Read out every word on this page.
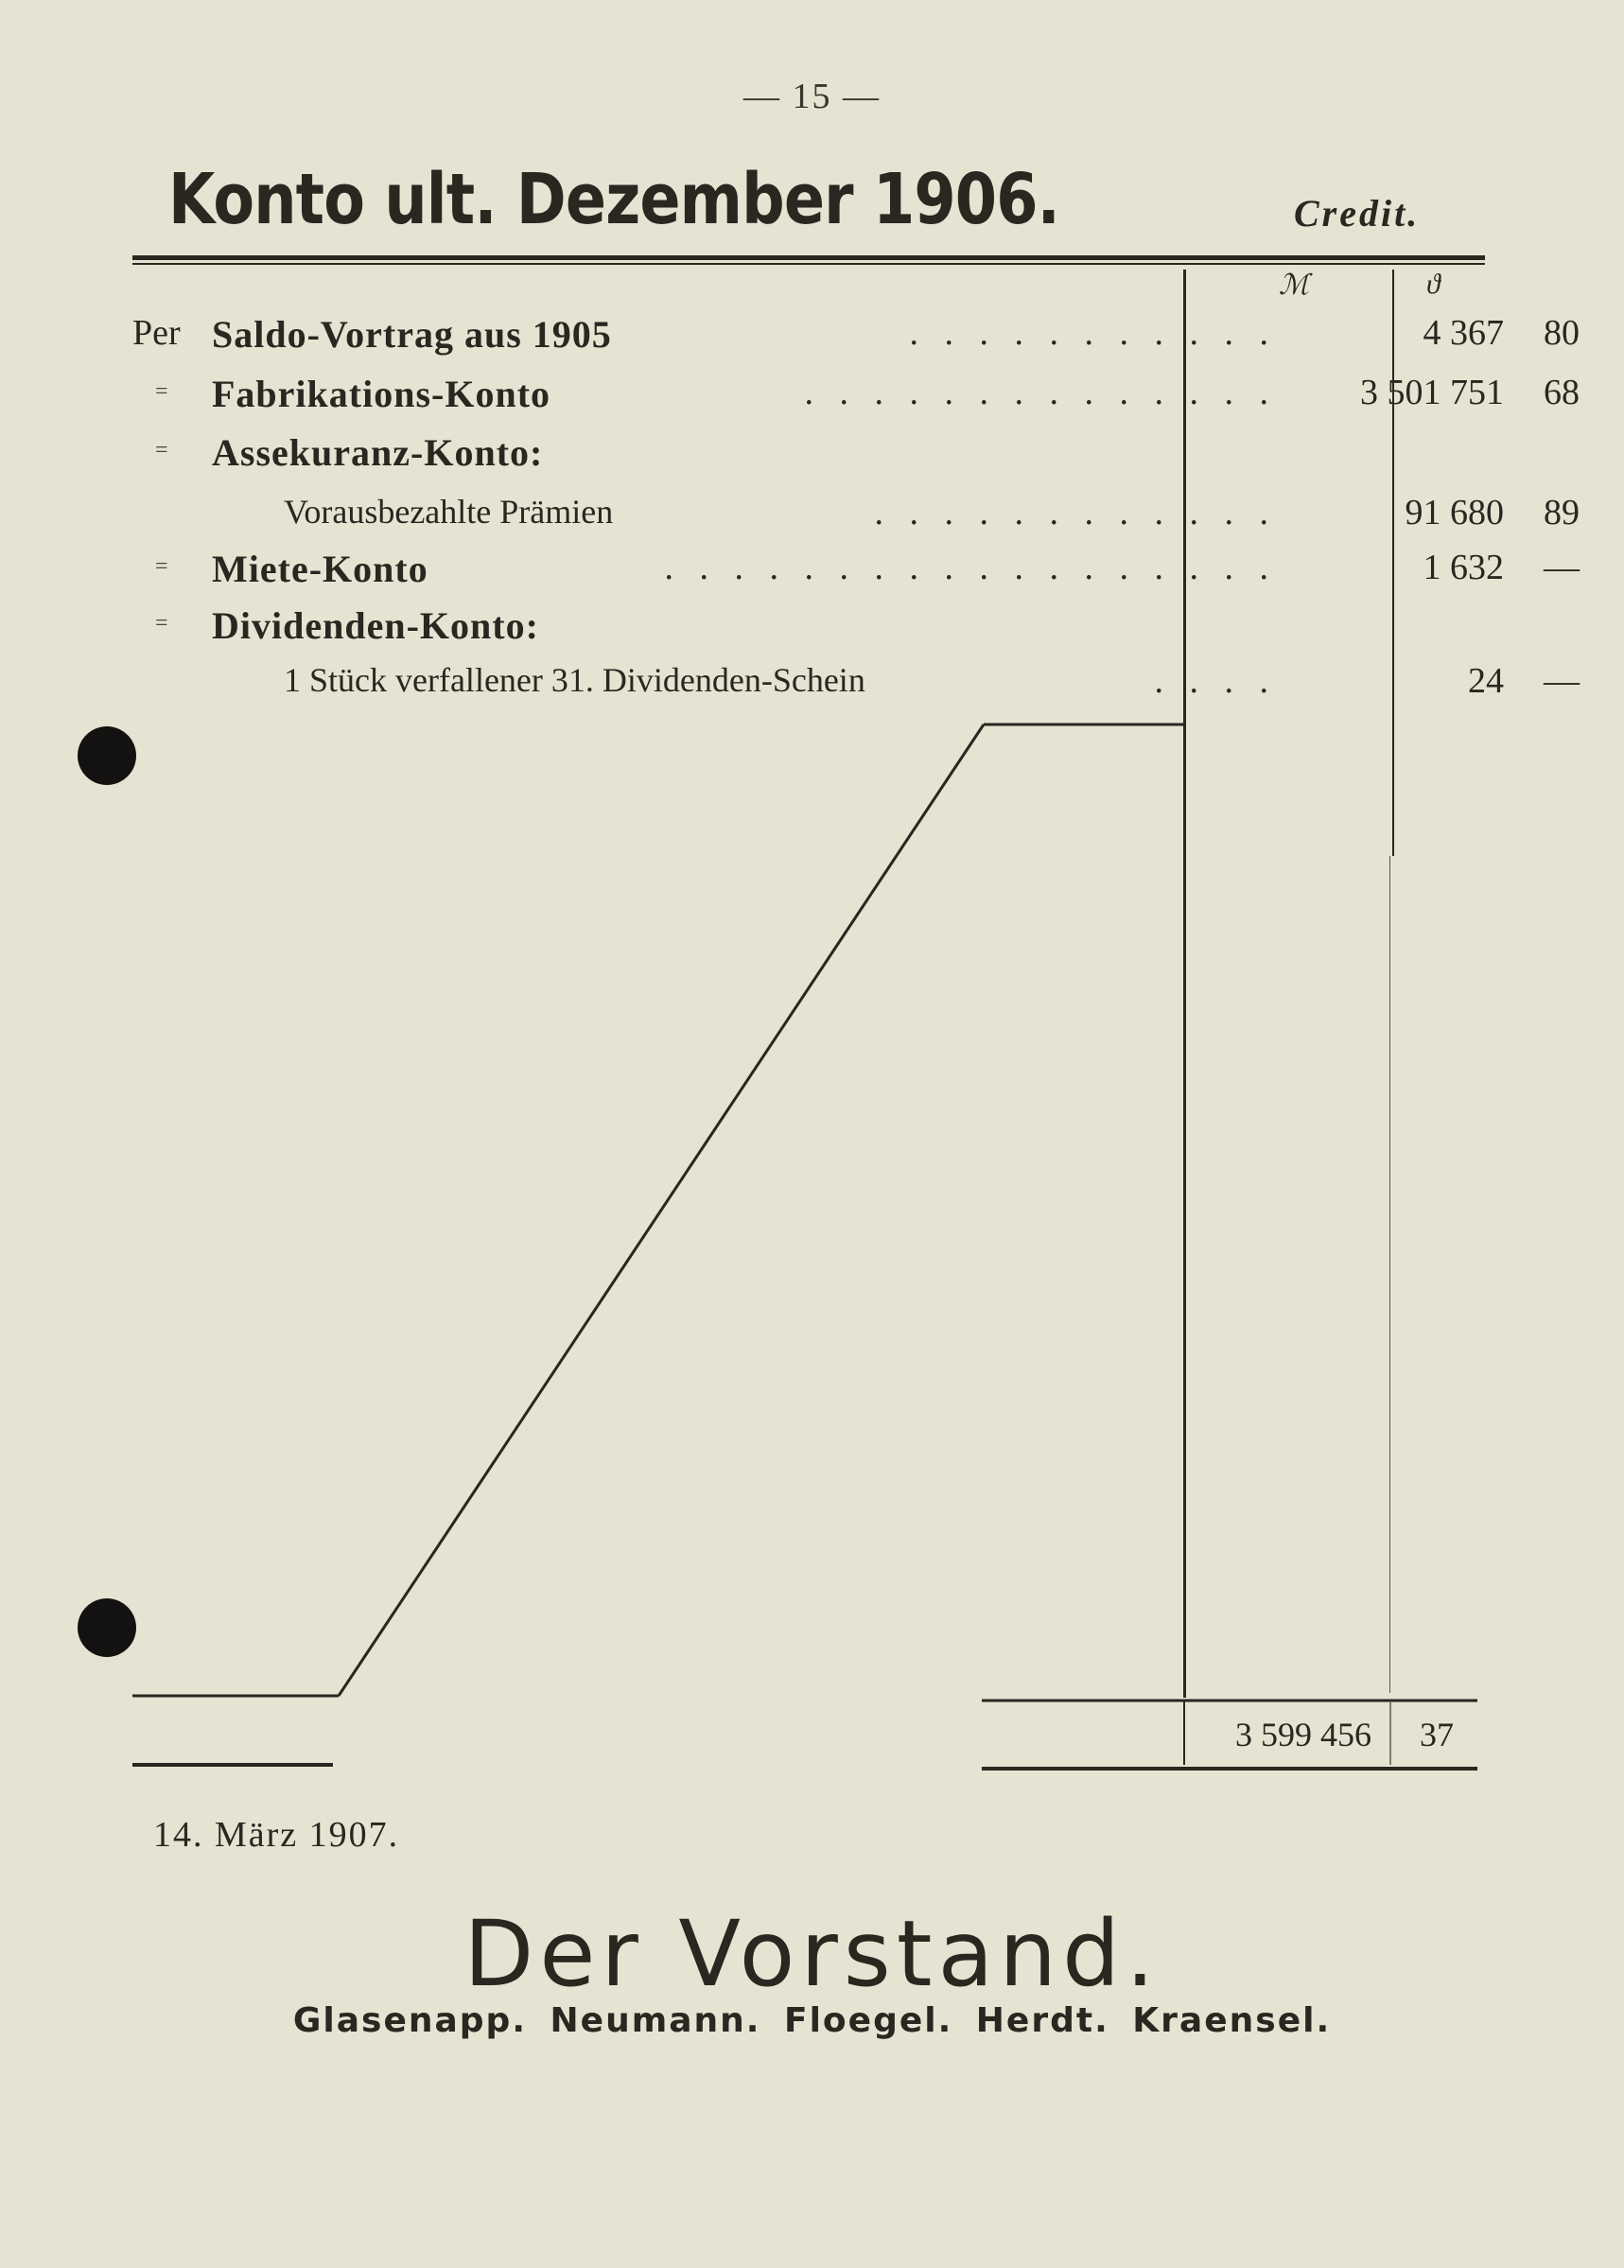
— 15 —
Konto ult. Dezember 1906.	Credit.
ℳ	ϑ
Per Saldo-Vortrag aus 1905	. . . . . . . . . . .	4 367	80
= Fabrikations-Konto	. . . . . . . . . . . . . .	3 501 751	68
= Assekuranz-Konto:
Vorausbezahlte Prämien	. . . . . . . . . . . .	91 680	89
= Miete-Konto	. . . . . . . . . . . . . . . . . .	1 632	—
= Dividenden-Konto:
1 Stück verfallener 31. Dividenden-Schein	. . . .	24	—
3 599 456	37
14. März 1907.
Der Vorstand.
Glasenapp. Neumann. Floegel. Herdt. Kraensel.
